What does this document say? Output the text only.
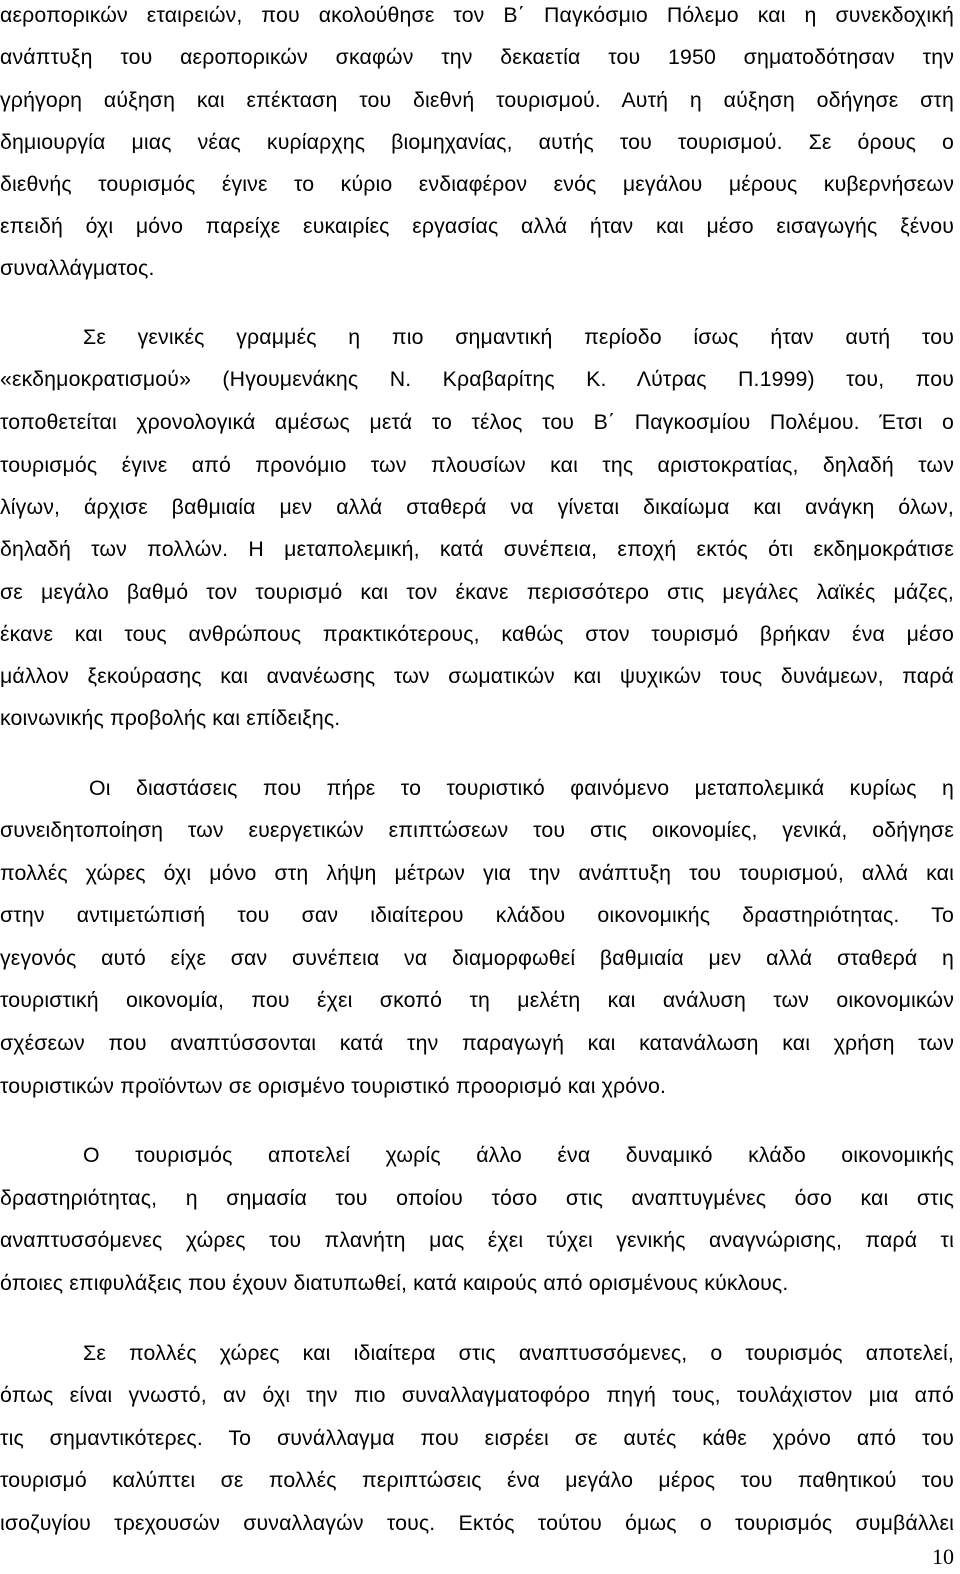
αεροπορικών εταιρειών, που ακολούθησε τον Β΄ Παγκόσμιο Πόλεμο και η συνεκδοχική
ανάπτυξη του αεροπορικών σκαφών την δεκαετία του 1950 σηματοδότησαν την
γρήγορη αύξηση και επέκταση του διεθνή τουρισμού. Αυτή η αύξηση οδήγησε στη
δημιουργία μιας νέας κυρίαρχης βιομηχανίας, αυτής του τουρισμού. Σε όρους ο
διεθνής τουρισμός έγινε το κύριο ενδιαφέρον ενός μεγάλου μέρους κυβερνήσεων
επειδή όχι μόνο παρείχε ευκαιρίες εργασίας αλλά ήταν και μέσο εισαγωγής ξένου
συναλλάγματος.
Σε γενικές γραμμές η πιο σημαντική περίοδο ίσως ήταν αυτή του
«εκδημοκρατισμού» (Ηγουμενάκης Ν. Κραβαρίτης Κ. Λύτρας Π.1999) του, που
τοποθετείται χρονολογικά αμέσως μετά το τέλος του Β΄ Παγκοσμίου Πολέμου. Έτσι ο
τουρισμός έγινε από προνόμιο των πλουσίων και της αριστοκρατίας, δηλαδή των
λίγων, άρχισε βαθμιαία μεν αλλά σταθερά να γίνεται δικαίωμα και ανάγκη όλων,
δηλαδή των πολλών. Η μεταπολεμική, κατά συνέπεια, εποχή εκτός ότι εκδημοκράτισε
σε μεγάλο βαθμό τον τουρισμό και τον έκανε περισσότερο στις μεγάλες λαϊκές μάζες,
έκανε και τους ανθρώπους πρακτικότερους, καθώς στον τουρισμό βρήκαν ένα μέσο
μάλλον ξεκούρασης και ανανέωσης των σωματικών και ψυχικών τους δυνάμεων, παρά
κοινωνικής προβολής και επίδειξης.
Οι διαστάσεις που πήρε το τουριστικό φαινόμενο μεταπολεμικά κυρίως η
συνειδητοποίηση των ευεργετικών επιπτώσεων του στις οικονομίες, γενικά, οδήγησε
πολλές χώρες όχι μόνο στη λήψη μέτρων για την ανάπτυξη του τουρισμού, αλλά και
στην αντιμετώπισή του σαν ιδιαίτερου κλάδου οικονομικής δραστηριότητας. Το
γεγονός αυτό είχε σαν συνέπεια να διαμορφωθεί βαθμιαία μεν αλλά σταθερά η
τουριστική οικονομία, που έχει σκοπό τη μελέτη και ανάλυση των οικονομικών
σχέσεων που αναπτύσσονται κατά την παραγωγή και κατανάλωση και χρήση των
τουριστικών προϊόντων σε ορισμένο τουριστικό προορισμό και χρόνο.
Ο τουρισμός αποτελεί χωρίς άλλο ένα δυναμικό κλάδο οικονομικής
δραστηριότητας, η σημασία του οποίου τόσο στις αναπτυγμένες όσο και στις
αναπτυσσόμενες χώρες του πλανήτη μας έχει τύχει γενικής αναγνώρισης, παρά τι
όποιες επιφυλάξεις που έχουν διατυπωθεί, κατά καιρούς από ορισμένους κύκλους.
Σε πολλές χώρες και ιδιαίτερα στις αναπτυσσόμενες, ο τουρισμός αποτελεί,
όπως είναι γνωστό, αν όχι την πιο συναλλαγματοφόρο πηγή τους, τουλάχιστον μια από
τις σημαντικότερες. Το συνάλλαγμα που εισρέει σε αυτές κάθε χρόνο από του
τουρισμό καλύπτει σε πολλές περιπτώσεις ένα μεγάλο μέρος του παθητικού του
ισοζυγίου τρεχουσών συναλλαγών τους. Εκτός τούτου όμως ο τουρισμός συμβάλλει
10
